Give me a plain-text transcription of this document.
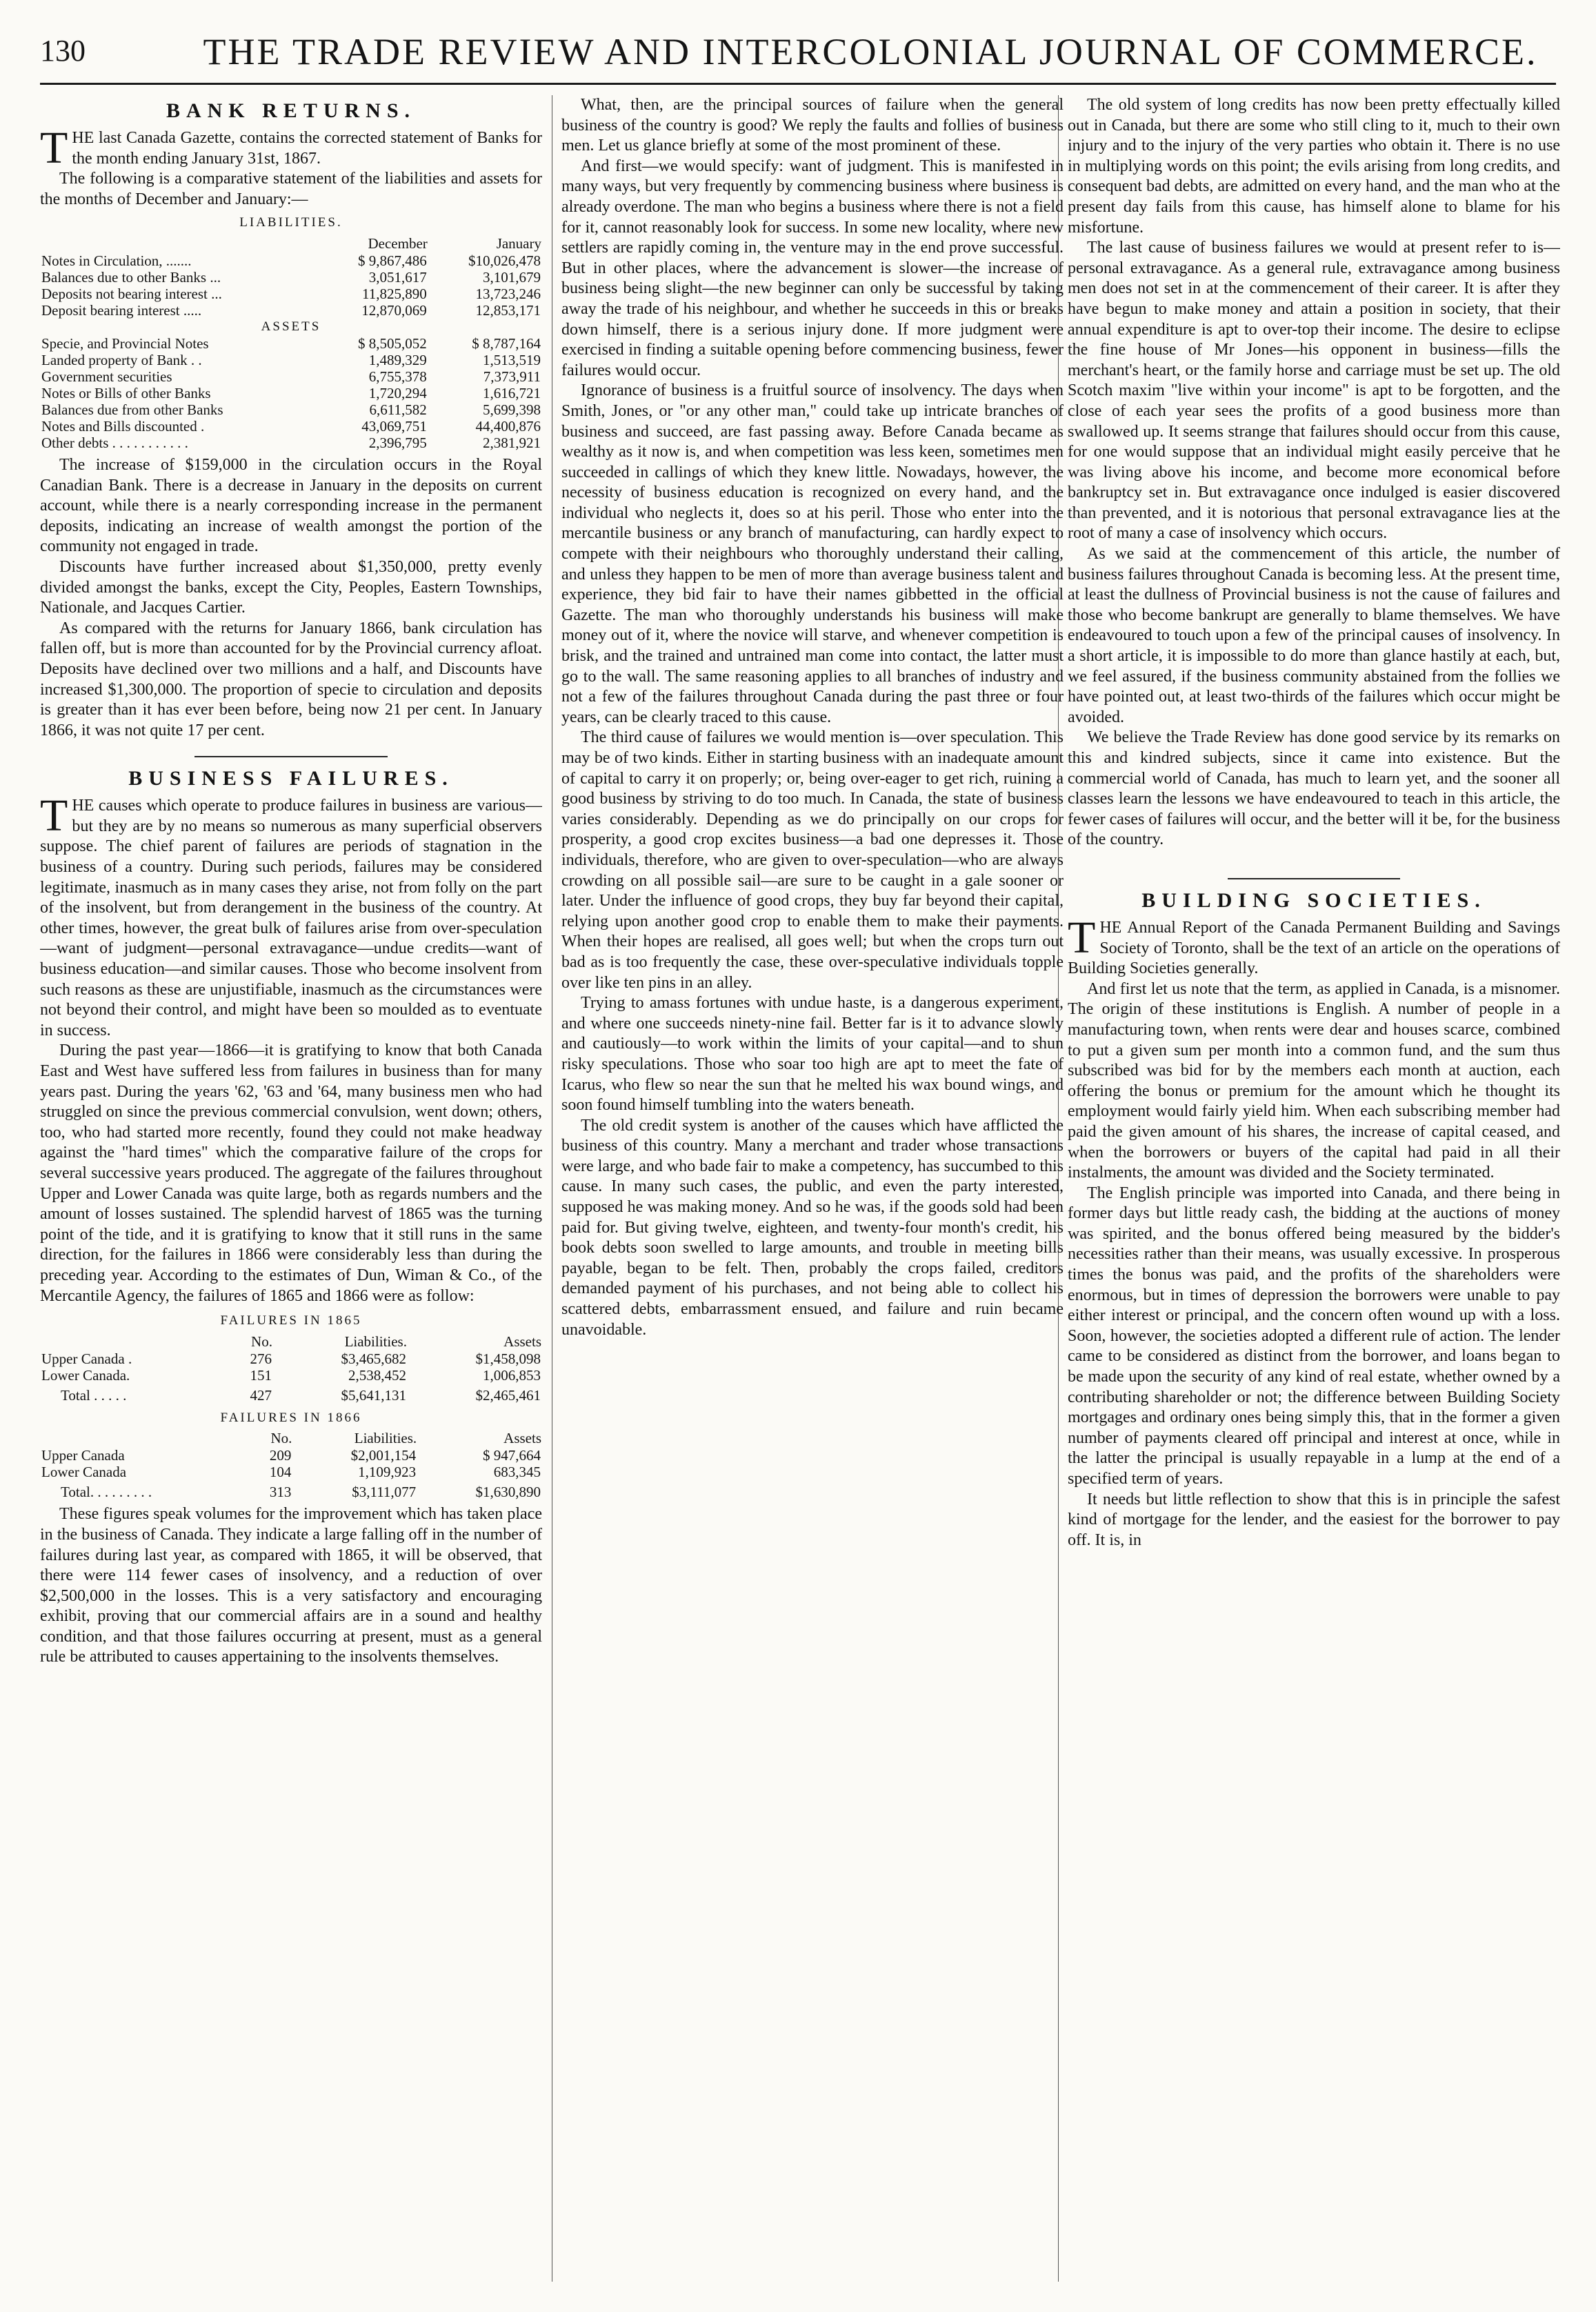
130	THE TRADE REVIEW AND INTERCOLONIAL JOURNAL OF COMMERCE.
BANK RETURNS.

THE last Canada Gazette, contains the corrected statement of Banks for the month ending January 31st, 1867.

The following is a comparative statement of the liabilities and assets for the months of December and January:—

LIABILITIES.
	December	January
Notes in Circulation, .......	$ 9,867,486	$10,026,478
Balances due to other Banks ...	3,051,617	3,101,679
Deposits not bearing interest ...	11,825,890	13,723,246
Deposit bearing interest .....	12,870,069	12,853,171
ASSETS		
Specie, and Provincial Notes	$ 8,505,052	$ 8,787,164
Landed property of Bank . .	1,489,329	1,513,519
Government securities	6,755,378	7,373,911
Notes or Bills of other Banks	1,720,294	1,616,721
Balances due from other Banks	6,611,582	5,699,398
Notes and Bills discounted .	43,069,751	44,400,876
Other debts . . . . . . . . . . .	2,396,795	2,381,921

The increase of $159,000 in the circulation occurs in the Royal Canadian Bank. There is a decrease in January in the deposits on current account, while there is a nearly corresponding increase in the permanent deposits, indicating an increase of wealth amongst the portion of the community not engaged in trade.

Discounts have further increased about $1,350,000, pretty evenly divided amongst the banks, except the City, Peoples, Eastern Townships, Nationale, and Jacques Cartier.

As compared with the returns for January 1866, bank circulation has fallen off, but is more than accounted for by the Provincial currency afloat. Deposits have declined over two millions and a half, and Discounts have increased $1,300,000. The proportion of specie to circulation and deposits is greater than it has ever been before, being now 21 per cent. In January 1866, it was not quite 17 per cent.

BUSINESS FAILURES.

THE causes which operate to produce failures in business are various—but they are by no means so numerous as many superficial observers suppose. The chief parent of failures are periods of stagnation in the business of a country. During such periods, failures may be considered legitimate, inasmuch as in many cases they arise, not from folly on the part of the insolvent, but from derangement in the business of the country. At other times, however, the great bulk of failures arise from over-speculation—want of judgment—personal extravagance—undue credits—want of business education—and similar causes. Those who become insolvent from such reasons as these are unjustifiable, inasmuch as the circumstances were not beyond their control, and might have been so moulded as to eventuate in success.

During the past year—1866—it is gratifying to know that both Canada East and West have suffered less from failures in business than for many years past. During the years '62, '63 and '64, many business men who had struggled on since the previous commercial convulsion, went down; others, too, who had started more recently, found they could not make headway against the "hard times" which the comparative failure of the crops for several successive years produced. The aggregate of the failures throughout Upper and Lower Canada was quite large, both as regards numbers and the amount of losses sustained. The splendid harvest of 1865 was the turning point of the tide, and it is gratifying to know that it still runs in the same direction, for the failures in 1866 were considerably less than during the preceding year. According to the estimates of Dun, Wiman & Co., of the Mercantile Agency, the failures of 1865 and 1866 were as follow:

FAILURES IN 1865
	No.	Liabilities.	Assets
Upper Canada .	276	$3,465,682	$1,458,098
Lower Canada.	151	2,538,452	1,006,853
Total . . . . .	427	$5,641,131	$2,465,461
FAILURES IN 1866
	No.	Liabilities.	Assets
Upper Canada	209	$2,001,154	$ 947,664
Lower Canada	104	1,109,923	683,345
Total. . . . . . . . .	313	$3,111,077	$1,630,890

These figures speak volumes for the improvement which has taken place in the business of Canada. They indicate a large falling off in the number of failures during last year, as compared with 1865, it will be observed, that there were 114 fewer cases of insolvency, and a reduction of over $2,500,000 in the losses. This is a very satisfactory and encouraging exhibit, proving that our commercial affairs are in a sound and healthy condition, and that those failures occurring at present, must as a general rule be attributed to causes appertaining to the insolvents themselves.

What, then, are the principal sources of failure when the general business of the country is good? We reply the faults and follies of business men. Let us glance briefly at some of the most prominent of these.

And first—we would specify: want of judgment. This is manifested in many ways, but very frequently by commencing business where business is already overdone. The man who begins a business where there is not a field for it, cannot reasonably look for success. In some new locality, where new settlers are rapidly coming in, the venture may in the end prove successful. But in other places, where the advancement is slower—the increase of business being slight—the new beginner can only be successful by taking away the trade of his neighbour, and whether he succeeds in this or breaks down himself, there is a serious injury done. If more judgment were exercised in finding a suitable opening before commencing business, fewer failures would occur.

Ignorance of business is a fruitful source of insolvency. The days when Smith, Jones, or "or any other man," could take up intricate branches of business and succeed, are fast passing away. Before Canada became as wealthy as it now is, and when competition was less keen, sometimes men succeeded in callings of which they knew little. Nowadays, however, the necessity of business education is recognized on every hand, and the individual who neglects it, does so at his peril. Those who enter into the mercantile business or any branch of manufacturing, can hardly expect to compete with their neighbours who thoroughly understand their calling, and unless they happen to be men of more than average business talent and experience, they bid fair to have their names gibbetted in the official Gazette. The man who thoroughly understands his business will make money out of it, where the novice will starve, and whenever competition is brisk, and the trained and untrained man come into contact, the latter must go to the wall. The same reasoning applies to all branches of industry and not a few of the failures throughout Canada during the past three or four years, can be clearly traced to this cause.

The third cause of failures we would mention is—over speculation. This may be of two kinds. Either in starting business with an inadequate amount of capital to carry it on properly; or, being over-eager to get rich, ruining a good business by striving to do too much. In Canada, the state of business varies considerably. Depending as we do principally on our crops for prosperity, a good crop excites business—a bad one depresses it. Those individuals, therefore, who are given to over-speculation—who are always crowding on all possible sail—are sure to be caught in a gale sooner or later. Under the influence of good crops, they buy far beyond their capital, relying upon another good crop to enable them to make their payments. When their hopes are realised, all goes well; but when the crops turn out bad as is too frequently the case, these over-speculative individuals topple over like ten pins in an alley.

Trying to amass fortunes with undue haste, is a dangerous experiment, and where one succeeds ninety-nine fail. Better far is it to advance slowly and cautiously—to work within the limits of your capital—and to shun risky speculations. Those who soar too high are apt to meet the fate of Icarus, who flew so near the sun that he melted his wax bound wings, and soon found himself tumbling into the waters beneath.

The old credit system is another of the causes which have afflicted the business of this country. Many a merchant and trader whose transactions were large, and who bade fair to make a competency, has succumbed to this cause. In many such cases, the public, and even the party interested, supposed he was making money. And so he was, if the goods sold had been paid for. But giving twelve, eighteen, and twenty-four month's credit, his book debts soon swelled to large amounts, and trouble in meeting bills payable, began to be felt. Then, probably the crops failed, creditors demanded payment of his purchases, and not being able to collect his scattered debts, embarrassment ensued, and failure and ruin became unavoidable.

The old system of long credits has now been pretty effectually killed out in Canada, but there are some who still cling to it, much to their own injury and to the injury of the very parties who obtain it. There is no use in multiplying words on this point; the evils arising from long credits, and consequent bad debts, are admitted on every hand, and the man who at the present day fails from this cause, has himself alone to blame for his misfortune.

The last cause of business failures we would at present refer to is—personal extravagance. As a general rule, extravagance among business men does not set in at the commencement of their career. It is after they have begun to make money and attain a position in society, that their annual expenditure is apt to over-top their income. The desire to eclipse the fine house of Mr Jones—his opponent in business—fills the merchant's heart, or the family horse and carriage must be set up. The old Scotch maxim "live within your income" is apt to be forgotten, and the close of each year sees the profits of a good business more than swallowed up. It seems strange that failures should occur from this cause, for one would suppose that an individual might easily perceive that he was living above his income, and become more economical before bankruptcy set in. But extravagance once indulged is easier discovered than prevented, and it is notorious that personal extravagance lies at the root of many a case of insolvency which occurs.

As we said at the commencement of this article, the number of business failures throughout Canada is becoming less. At the present time, at least the dullness of Provincial business is not the cause of failures and those who become bankrupt are generally to blame themselves. We have endeavoured to touch upon a few of the principal causes of insolvency. In a short article, it is impossible to do more than glance hastily at each, but, we feel assured, if the business community abstained from the follies we have pointed out, at least two-thirds of the failures which occur might be avoided.

We believe the Trade Review has done good service by its remarks on this and kindred subjects, since it came into existence. But the commercial world of Canada, has much to learn yet, and the sooner all classes learn the lessons we have endeavoured to teach in this article, the fewer cases of failures will occur, and the better will it be, for the business of the country.

BUILDING SOCIETIES.

THE Annual Report of the Canada Permanent Building and Savings Society of Toronto, shall be the text of an article on the operations of Building Societies generally.

And first let us note that the term, as applied in Canada, is a misnomer. The origin of these institutions is English. A number of people in a manufacturing town, when rents were dear and houses scarce, combined to put a given sum per month into a common fund, and the sum thus subscribed was bid for by the members each month at auction, each offering the bonus or premium for the amount which he thought its employment would fairly yield him. When each subscribing member had paid the given amount of his shares, the increase of capital ceased, and when the borrowers or buyers of the capital had paid in all their instalments, the amount was divided and the Society terminated.

The English principle was imported into Canada, and there being in former days but little ready cash, the bidding at the auctions of money was spirited, and the bonus offered being measured by the bidder's necessities rather than their means, was usually excessive. In prosperous times the bonus was paid, and the profits of the shareholders were enormous, but in times of depression the borrowers were unable to pay either interest or principal, and the concern often wound up with a loss. Soon, however, the societies adopted a different rule of action. The lender came to be considered as distinct from the borrower, and loans began to be made upon the security of any kind of real estate, whether owned by a contributing shareholder or not; the difference between Building Society mortgages and ordinary ones being simply this, that in the former a given number of payments cleared off principal and interest at once, while in the latter the principal is usually repayable in a lump at the end of a specified term of years.

It needs but little reflection to show that this is in principle the safest kind of mortgage for the lender, and the easiest for the borrower to pay off. It is, in
